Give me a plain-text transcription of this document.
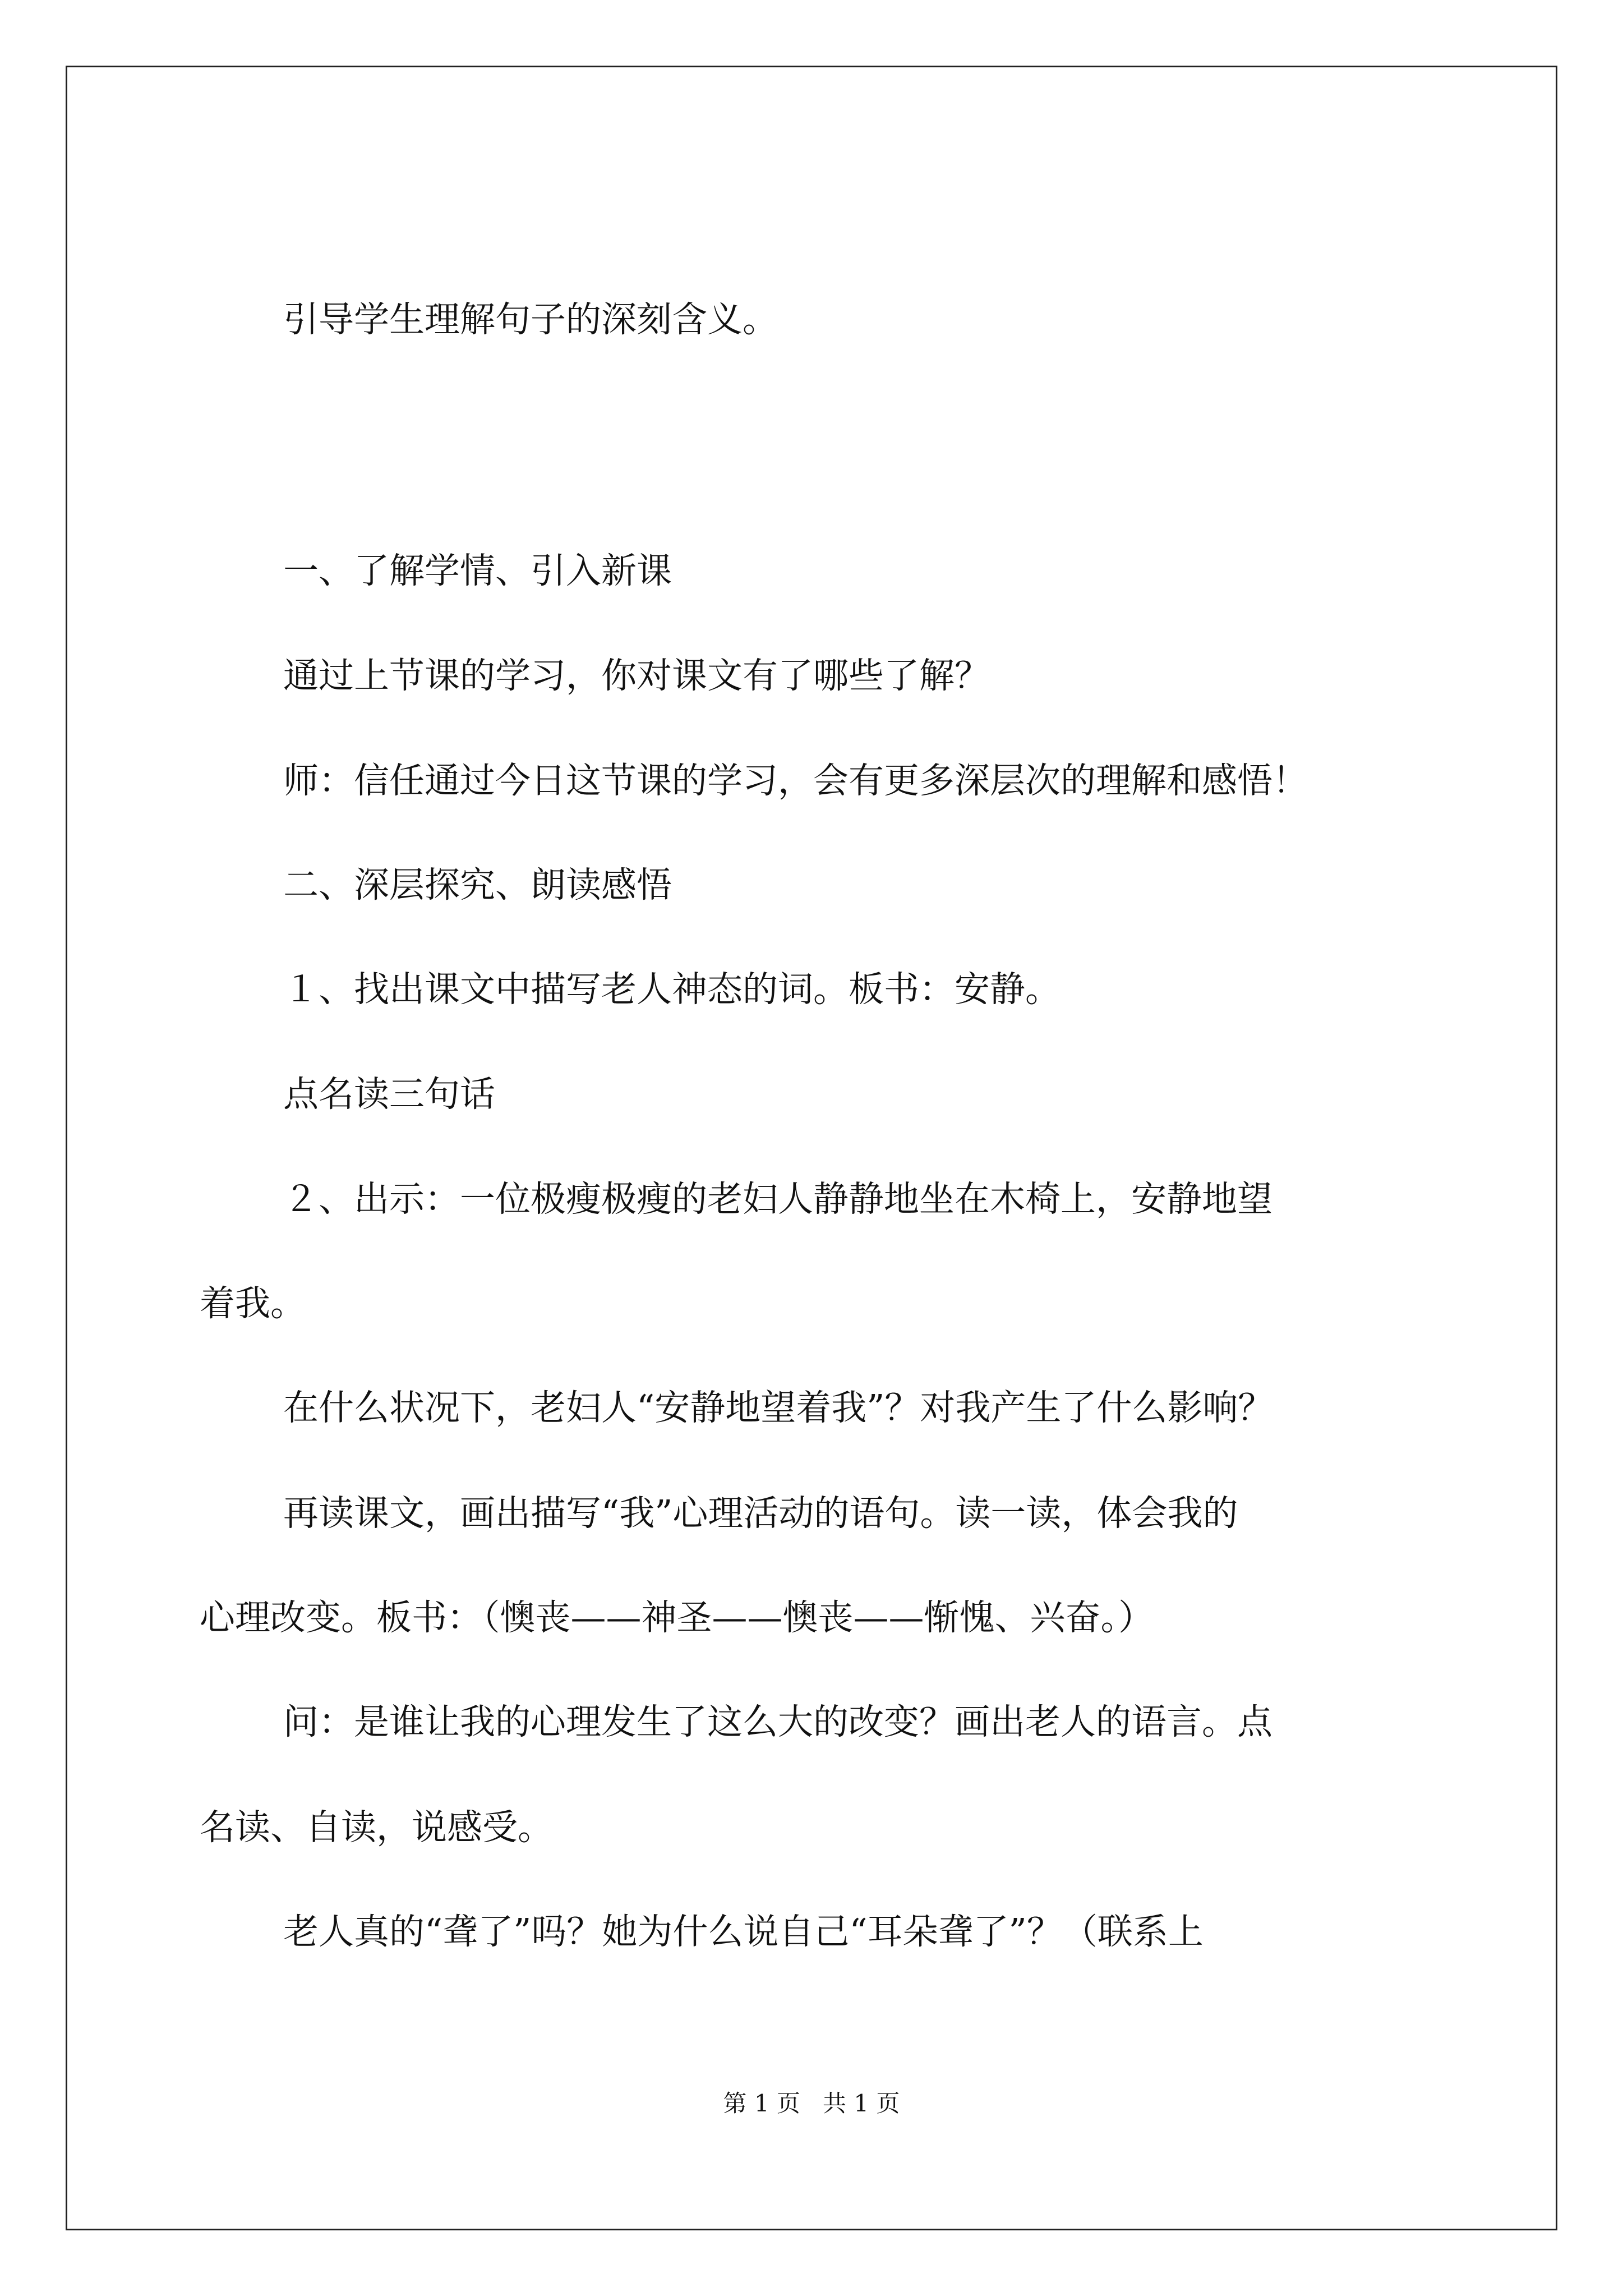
引导学生理解句子的深刻含义。

一、了解学情、引入新课

通过上节课的学习，你对课文有了哪些了解？

师：信任通过今日这节课的学习，会有更多深层次的理解和感悟！

二、深层探究、朗读感悟

１、找出课文中描写老人神态的词。板书：安静。

点名读三句话

２、出示：一位极瘦极瘦的老妇人静静地坐在木椅上，安静地望

着我。

在什么状况下，老妇人“安静地望着我”？对我产生了什么影响？

再读课文，画出描写“我”心理活动的语句。读一读，体会我的

心理改变。板书：（懊丧——神圣——懊丧——惭愧、兴奋。）

问：是谁让我的心理发生了这么大的改变？画出老人的语言。点

名读、自读，说感受。

老人真的“聋了”吗？她为什么说自己“耳朵聋了”？（联系上

第 1 页   共 1 页
